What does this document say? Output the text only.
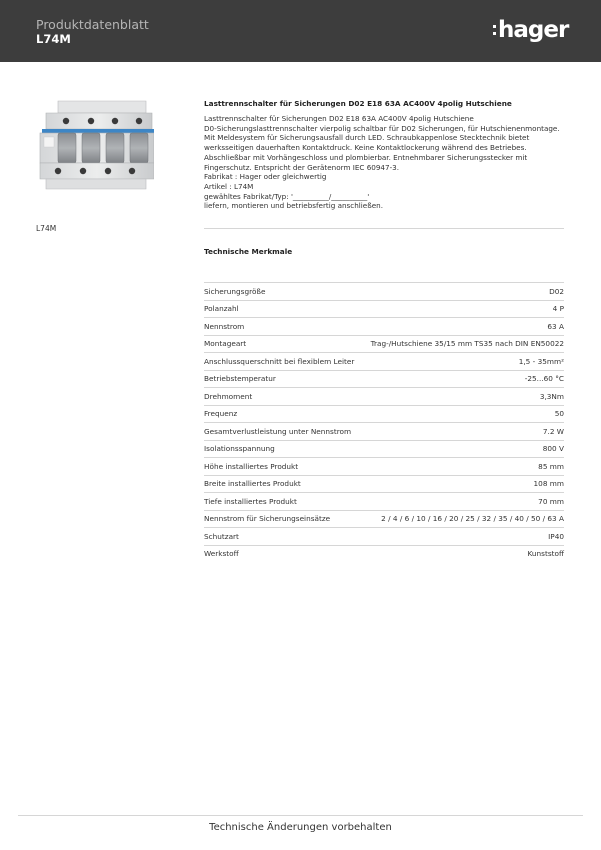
Produktdatenblatt
L74M	hager
L74M
Lasttrennschalter für Sicherungen D02 E18 63A AC400V 4polig Hutschiene
Lasttrennschalter für Sicherungen D02 E18 63A AC400V 4polig Hutschiene
D0-Sicherungslasttrennschalter vierpolig schaltbar für D02 Sicherungen, für Hutschienenmontage.
Mit Meldesystem für Sicherungsausfall durch LED. Schraubkappenlose Stecktechnik bietet
werksseitigen dauerhaften Kontaktdruck. Keine Kontaktlockerung während des Betriebes.
Abschließbar mit Vorhängeschloss und plombierbar. Entnehmbarer Sicherungsstecker mit
Fingerschutz. Entspricht der Gerätenorm IEC 60947-3.
Fabrikat : Hager oder gleichwertig
Artikel : L74M
gewähltes Fabrikat/Typ: '__________/__________'
liefern, montieren und betriebsfertig anschließen.
Technische Merkmale
Sicherungsgröße	D02
Polanzahl	4 P
Nennstrom	63 A
Montageart	Trag-/Hutschiene 35/15 mm TS35 nach DIN EN50022
Anschlussquerschnitt bei flexiblem Leiter	1,5 - 35mm²
Betriebstemperatur	-25...60 °C
Drehmoment	3,3Nm
Frequenz	50
Gesamtverlustleistung unter Nennstrom	7.2 W
Isolationsspannung	800 V
Höhe installiertes Produkt	85 mm
Breite installiertes Produkt	108 mm
Tiefe installiertes Produkt	70 mm
Nennstrom für Sicherungseinsätze	2 / 4 / 6 / 10 / 16 / 20 / 25 / 32 / 35 / 40 / 50 / 63 A
Schutzart	IP40
Werkstoff	Kunststoff
Technische Änderungen vorbehalten
